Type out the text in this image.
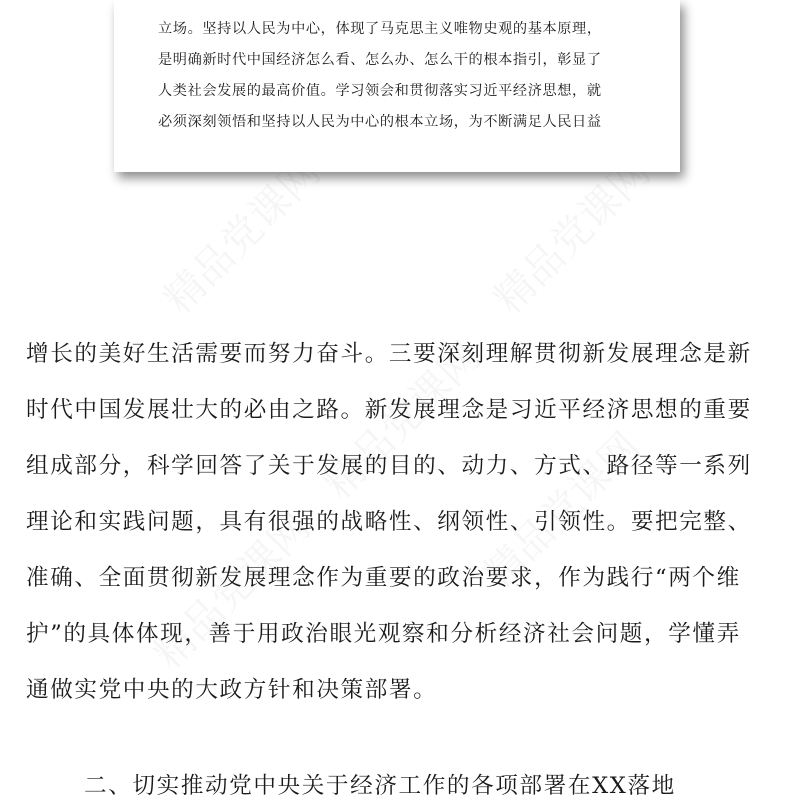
精品党课网	精品党课网
精品党课网
精品党课网
精品党课网
立场。坚持以人民为中心，体现了马克思主义唯物史观的基本原理，
是明确新时代中国经济怎么看、怎么办、怎么干的根本指引，彰显了
人类社会发展的最高价值。学习领会和贯彻落实习近平经济思想，就
必须深刻领悟和坚持以人民为中心的根本立场，为不断满足人民日益
增长的美好生活需要而努力奋斗。三要深刻理解贯彻新发展理念是新
时代中国发展壮大的必由之路。新发展理念是习近平经济思想的重要
组成部分，科学回答了关于发展的目的、动力、方式、路径等一系列
理论和实践问题，具有很强的战略性、纲领性、引领性。要把完整、
准确、全面贯彻新发展理念作为重要的政治要求，作为践行“两个维
护”的具体体现，善于用政治眼光观察和分析经济社会问题，学懂弄
通做实党中央的大政方针和决策部署。
二、切实推动党中央关于经济工作的各项部署在XX落地
